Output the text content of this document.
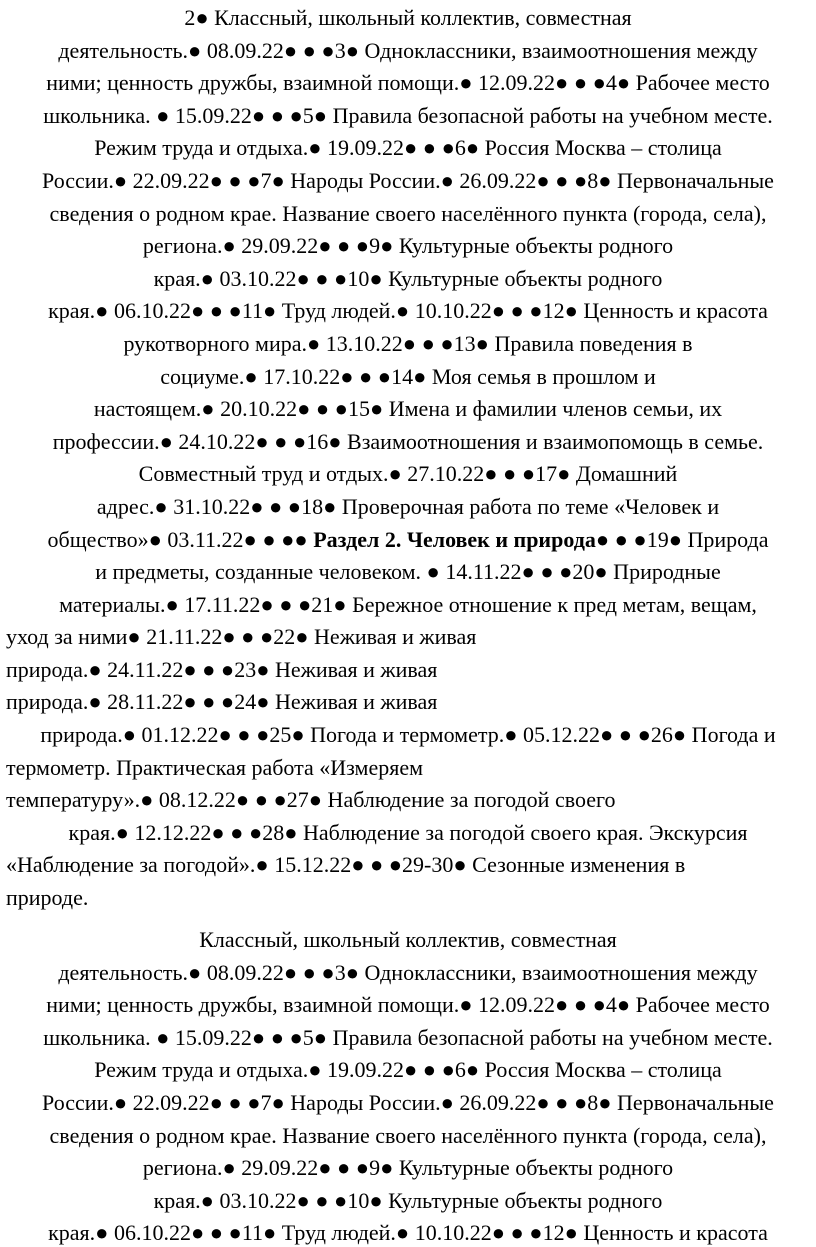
2● Классный, школьный коллектив, совместная
деятельность.● 08.09.22● ● ●3● Одноклассники, взаимоотношения между
ними; ценность дружбы, взаимной помощи.● 12.09.22● ● ●4● Рабочее место
школьника. ● 15.09.22● ● ●5● Правила безопасной работы на учебном месте.
Режим труда и отдыха.● 19.09.22● ● ●6● Россия Москва – столица
России.● 22.09.22● ● ●7● Народы России.● 26.09.22● ● ●8● Первоначальные
сведения о родном крае. Название своего населённого пункта (города, села),
региона.● 29.09.22● ● ●9● Культурные объекты родного
края.● 03.10.22● ● ●10● Культурные объекты родного
края.● 06.10.22● ● ●11● Труд людей.● 10.10.22● ● ●12● Ценность и красота
рукотворного мира.● 13.10.22● ● ●13● Правила поведения в
социуме.● 17.10.22● ● ●14● Моя семья в прошлом и
настоящем.● 20.10.22● ● ●15● Имена и фамилии членов семьи, их
профессии.● 24.10.22● ● ●16● Взаимоотношения и взаимопомощь в семье.
Совместный труд и отдых.● 27.10.22● ● ●17● Домашний
адрес.● 31.10.22● ● ●18● Проверочная работа по теме «Человек и
общество»● 03.11.22● ● ●● Раздел 2. Человек и природа● ● ●19● Природа
и предметы, созданные человеком. ● 14.11.22● ● ●20● Природные
материалы.● 17.11.22● ● ●21● Бережное отношение к пред метам, вещам,
уход за ними● 21.11.22● ● ●22● Неживая и живая
природа.● 24.11.22● ● ●23● Неживая и живая
природа.● 28.11.22● ● ●24● Неживая и живая
природа.● 01.12.22● ● ●25● Погода и термометр.● 05.12.22● ● ●26● Погода и
термометр. Практическая работа «Измеряем
температуру».● 08.12.22● ● ●27● Наблюдение за погодой своего
края.● 12.12.22● ● ●28● Наблюдение за погодой своего края. Экскурсия
«Наблюдение за погодой».● 15.12.22● ● ●29-30● Сезонные изменения в
природе.
Классный, школьный коллектив, совместная
деятельность.● 08.09.22● ● ●3● Одноклассники, взаимоотношения между
ними; ценность дружбы, взаимной помощи.● 12.09.22● ● ●4● Рабочее место
школьника. ● 15.09.22● ● ●5● Правила безопасной работы на учебном месте.
Режим труда и отдыха.● 19.09.22● ● ●6● Россия Москва – столица
России.● 22.09.22● ● ●7● Народы России.● 26.09.22● ● ●8● Первоначальные
сведения о родном крае. Название своего населённого пункта (города, села),
региона.● 29.09.22● ● ●9● Культурные объекты родного
края.● 03.10.22● ● ●10● Культурные объекты родного
края.● 06.10.22● ● ●11● Труд людей.● 10.10.22● ● ●12● Ценность и красота
